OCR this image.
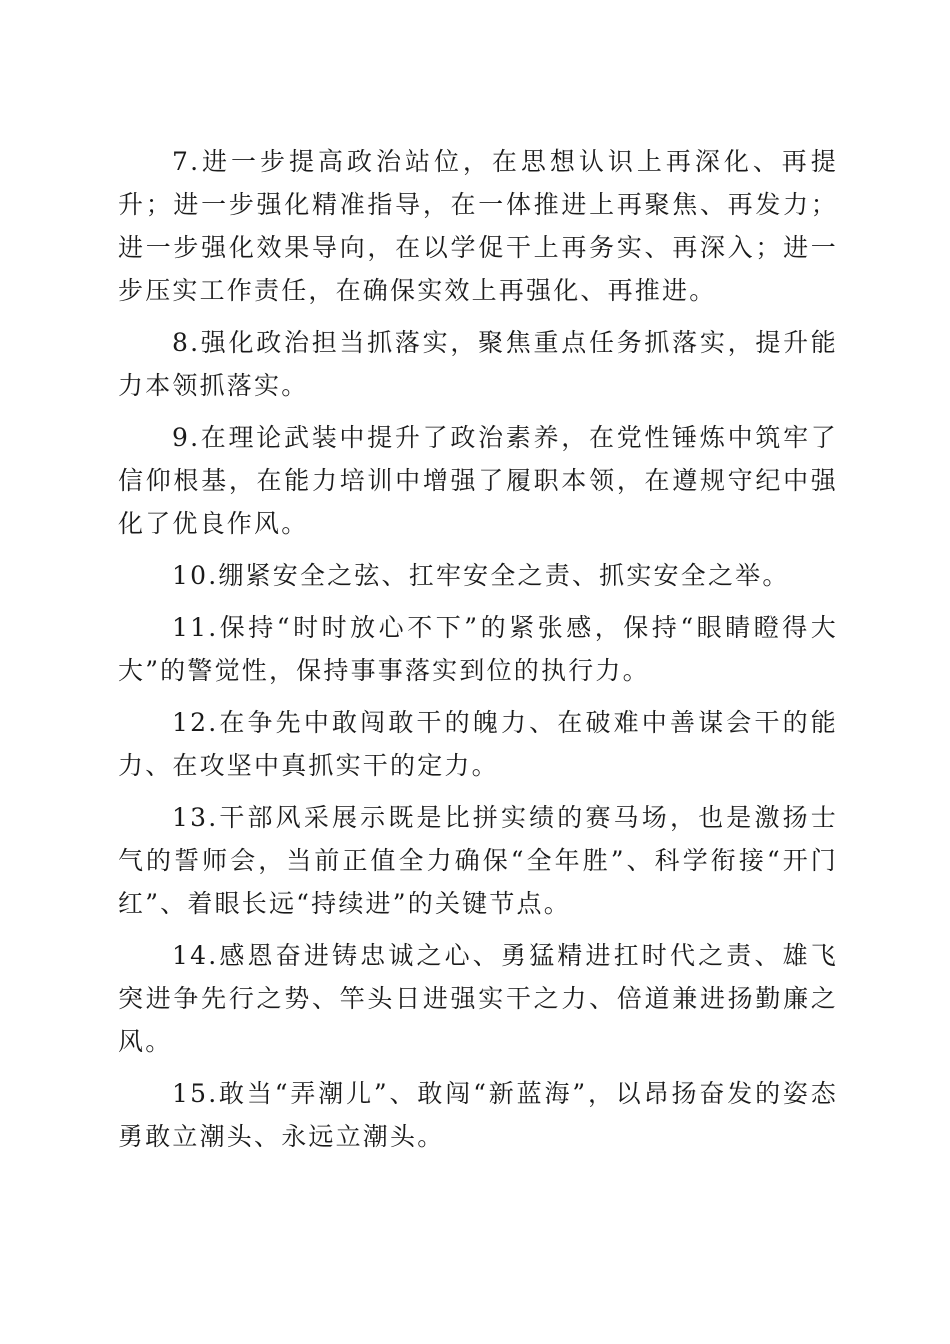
7.进一步提高政治站位，在思想认识上再深化、再提升；进一步强化精准指导，在一体推进上再聚焦、再发力；进一步强化效果导向，在以学促干上再务实、再深入；进一步压实工作责任，在确保实效上再强化、再推进。

8.强化政治担当抓落实，聚焦重点任务抓落实，提升能力本领抓落实。

9.在理论武装中提升了政治素养，在党性锤炼中筑牢了信仰根基，在能力培训中增强了履职本领，在遵规守纪中强化了优良作风。

10.绷紧安全之弦、扛牢安全之责、抓实安全之举。

11.保持“时时放心不下”的紧张感，保持“眼睛瞪得大大”的警觉性，保持事事落实到位的执行力。

12.在争先中敢闯敢干的魄力、在破难中善谋会干的能力、在攻坚中真抓实干的定力。

13.干部风采展示既是比拼实绩的赛马场，也是激扬士气的誓师会，当前正值全力确保“全年胜”、科学衔接“开门红”、着眼长远“持续进”的关键节点。

14.感恩奋进铸忠诚之心、勇猛精进扛时代之责、雄飞突进争先行之势、竿头日进强实干之力、倍道兼进扬勤廉之风。

15.敢当“弄潮儿”、敢闯“新蓝海”，以昂扬奋发的姿态勇敢立潮头、永远立潮头。
